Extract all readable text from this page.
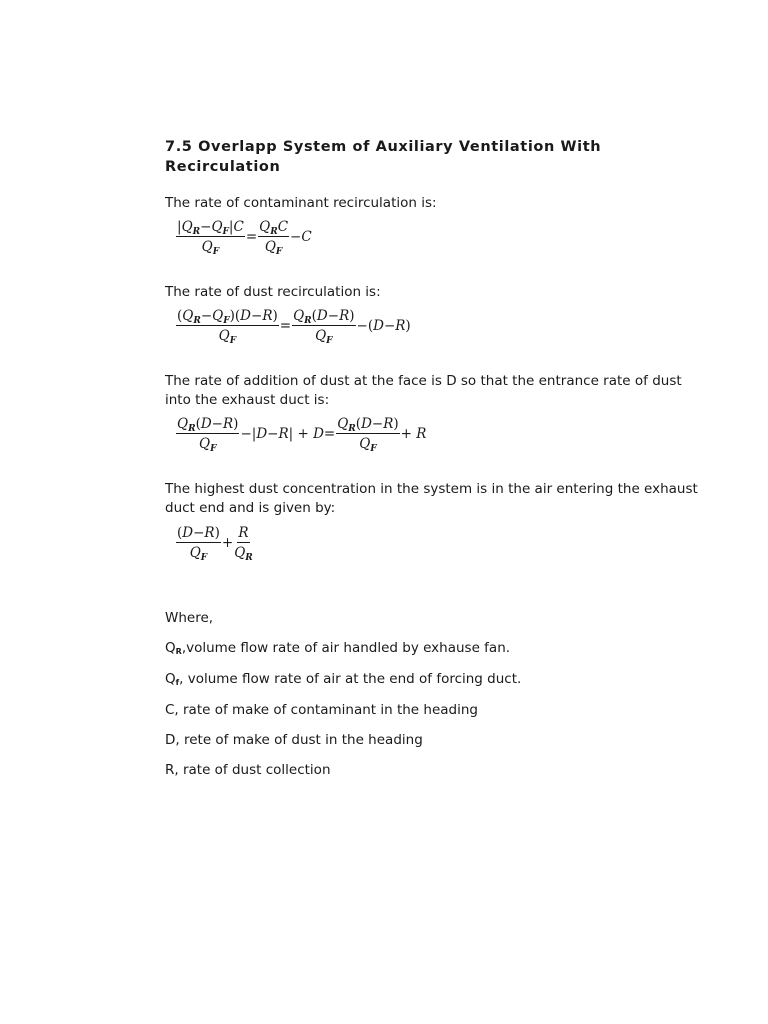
7.5 Overlapp System of Auxiliary Ventilation With Recirculation

The rate of contaminant recirculation is:

$\frac{|Q_R-Q_F|C}{Q_F} = \frac{Q_RC}{Q_F} -C$

The rate of dust recirculation is:

$\frac{(Q_R-Q_F)(D-R)}{Q_F} = \frac{Q_R(D-R)}{Q_F} -(D-R)$

The rate of addition of dust at the face is D so that the entrance rate of dust into the exhaust duct is:

$\frac{Q_R(D-R)}{Q_F} -|D-R| + D= \frac{Q_R(D-R)}{Q_F} + R$

The highest dust concentration in the system is in the air entering the exhaust duct end and is given by:

$\frac{(D-R)}{Q_F} + \frac{R}{Q_R}$

Where,

QR,volume flow rate of air handled by exhause fan.

Qf, volume flow rate of air at the end of forcing duct.

C, rate of make of contaminant in the heading

D, rete of make of dust in the heading

R, rate of dust collection
